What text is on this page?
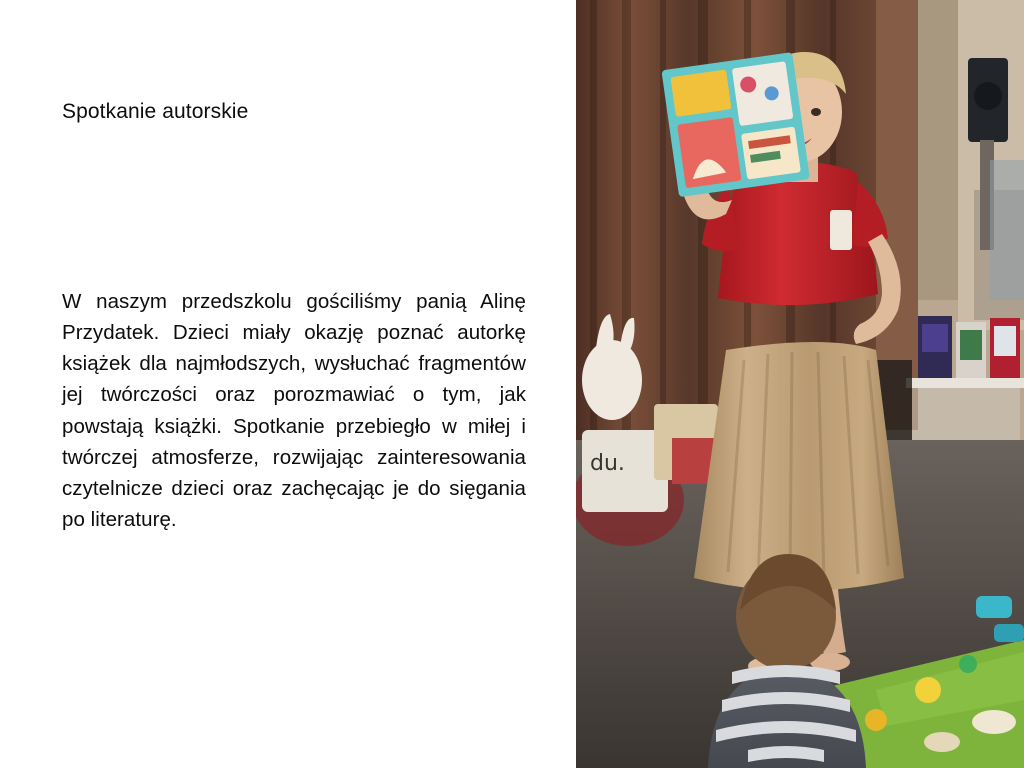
Spotkanie autorskie
W naszym przedszkolu gościliśmy panią Alinę Przydatek. Dzieci miały okazję poznać autorkę książek dla najmłodszych, wysłuchać fragmentów jej twórczości oraz porozmawiać o tym, jak powstają książki. Spotkanie przebiegło w miłej i twórczej atmosferze, rozwijając zainteresowania czytelnicze dzieci oraz zachęcając je do sięgania po literaturę.
du.
